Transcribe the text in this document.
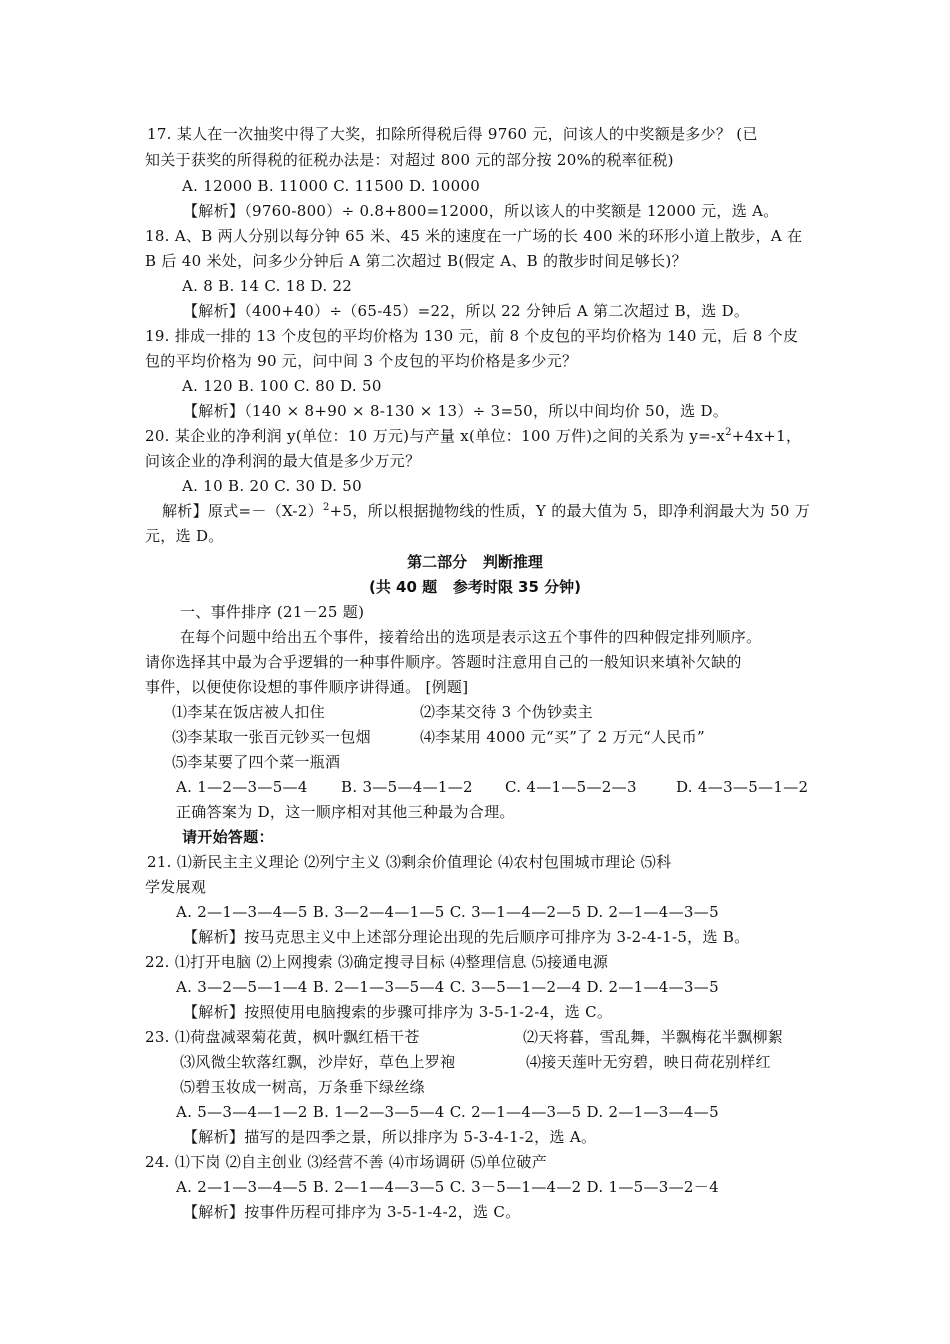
17. 某人在一次抽奖中得了大奖，扣除所得税后得 9760 元，问该人的中奖额是多少？ (已
知关于获奖的所得税的征税办法是：对超过 800 元的部分按 20%的税率征税)
A. 12000 B. 11000 C. 11500 D. 10000
【解析】（9760-800）÷ 0.8+800=12000，所以该人的中奖额是 12000 元，选 A。
18. A、B 两人分别以每分钟 65 米、45 米的速度在一广场的长 400 米的环形小道上散步，A 在
B 后 40 米处，问多少分钟后 A 第二次超过 B(假定 A、B 的散步时间足够长)？
A. 8 B. 14 C. 18 D. 22
【解析】（400+40）÷（65-45）=22，所以 22 分钟后 A 第二次超过 B，选 D。
19. 排成一排的 13 个皮包的平均价格为 130 元，前 8 个皮包的平均价格为 140 元，后 8 个皮
包的平均价格为 90 元，问中间 3 个皮包的平均价格是多少元？
A. 120 B. 100 C. 80 D. 50
【解析】（140 × 8+90 × 8-130 × 13）÷ 3=50，所以中间均价 50，选 D。
20. 某企业的净利润 y(单位：10 万元)与产量 x(单位：100 万件)之间的关系为 $y=-x^2+4x+1$，
问该企业的净利润的最大值是多少万元？
A. 10 B. 20 C. 30 D. 50
解析】原式$=-(X-2)^2+5$，所以根据抛物线的性质，Y 的最大值为 5，即净利润最大为 50 万
元，选 D。
第二部分   判断推理
(共 40 题   参考时限 35 分钟)
一、事件排序 (21－25 题)
在每个问题中给出五个事件，接着给出的选项是表示这五个事件的四种假定排列顺序。
请你选择其中最为合乎逻辑的一种事件顺序。答题时注意用自己的一般知识来填补欠缺的
事件，以便使你设想的事件顺序讲得通。 [例题]
⑴李某在饭店被人扣住	⑵李某交待 3 个伪钞卖主
⑶李某取一张百元钞买一包烟	⑷李某用 4000 元“买”了 2 万元“人民币”
⑸李某要了四个菜一瓶酒
A. 1—2—3—5—4 B. 3—5—4—1—2 C. 4—1—5—2—3	D. 4—3—5—1—2
正确答案为 D，这一顺序相对其他三种最为合理。
请开始答题：
21. ⑴新民主主义理论 ⑵列宁主义 ⑶剩余价值理论 ⑷农村包围城市理论 ⑸科
学发展观
A. 2—1—3—4—5 B. 3—2—4—1—5 C. 3—1—4—2—5 D. 2—1—4—3—5
【解析】按马克思主义中上述部分理论出现的先后顺序可排序为 3-2-4-1-5，选 B。
22. ⑴打开电脑 ⑵上网搜索 ⑶确定搜寻目标 ⑷整理信息 ⑸接通电源
A. 3—2—5—1—4 B. 2—1—3—5—4 C. 3—5—1—2—4 D. 2—1—4—3—5
【解析】按照使用电脑搜索的步骤可排序为 3-5-1-2-4，选 C。
23. ⑴荷盘减翠菊花黄，枫叶飘红梧干苍	⑵天将暮，雪乱舞，半飘梅花半飘柳絮
⑶风微尘软落红飘，沙岸好，草色上罗袍	⑷接天莲叶无穷碧，映日荷花别样红
⑸碧玉妆成一树高，万条垂下绿丝绦
A. 5—3—4—1—2 B. 1—2—3—5—4 C. 2—1—4—3—5 D. 2—1—3—4—5
【解析】描写的是四季之景，所以排序为 5-3-4-1-2，选 A。
24. ⑴下岗 ⑵自主创业 ⑶经营不善 ⑷市场调研 ⑸单位破产
A. 2—1—3—4—5 B. 2—1—4—3—5 C. 3－5—1—4—2 D. 1—5—3—2－4
【解析】按事件历程可排序为 3-5-1-4-2，选 C。
